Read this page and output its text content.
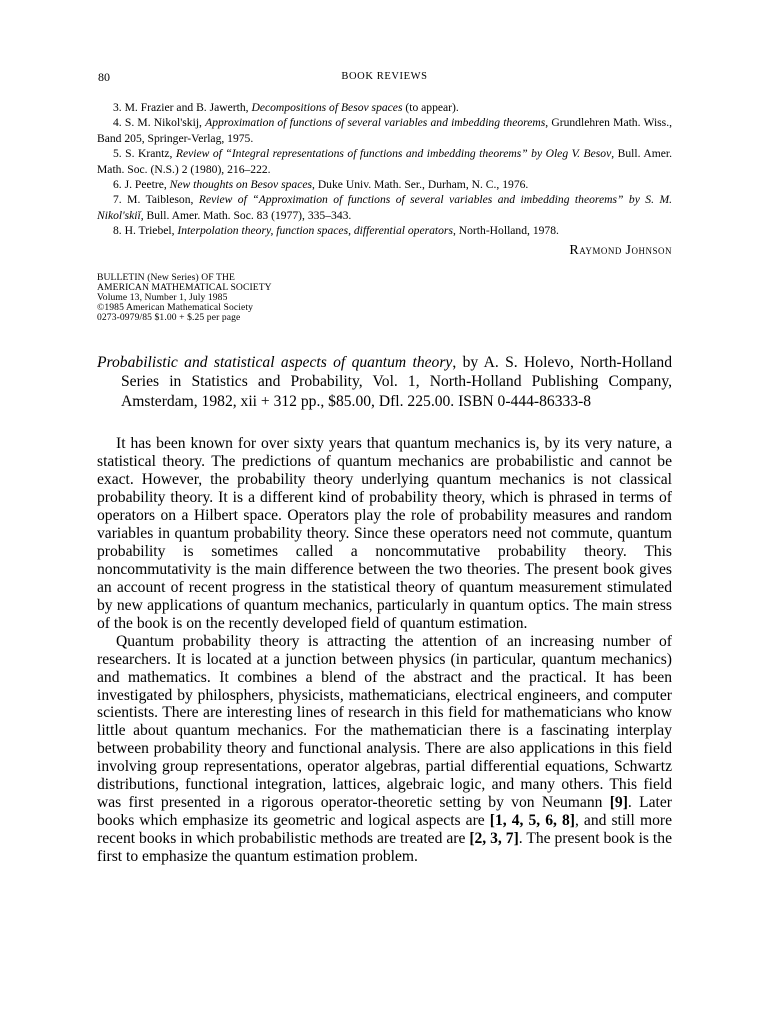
80	BOOK REVIEWS
3. M. Frazier and B. Jawerth, Decompositions of Besov spaces (to appear).
4. S. M. Nikol'skij, Approximation of functions of several variables and imbedding theorems, Grundlehren Math. Wiss., Band 205, Springer-Verlag, 1975.
5. S. Krantz, Review of “Integral representations of functions and imbedding theorems” by Oleg V. Besov, Bull. Amer. Math. Soc. (N.S.) 2 (1980), 216–222.
6. J. Peetre, New thoughts on Besov spaces, Duke Univ. Math. Ser., Durham, N. C., 1976.
7. M. Taibleson, Review of “Approximation of functions of several variables and imbedding theorems” by S. M. Nikol'skiĭ, Bull. Amer. Math. Soc. 83 (1977), 335–343.
8. H. Triebel, Interpolation theory, function spaces, differential operators, North-Holland, 1978.
Raymond Johnson
BULLETIN (New Series) OF THE
AMERICAN MATHEMATICAL SOCIETY
Volume 13, Number 1, July 1985
©1985 American Mathematical Society
0273-0979/85 $1.00 + $.25 per page
Probabilistic and statistical aspects of quantum theory, by A. S. Holevo, North-Holland Series in Statistics and Probability, Vol. 1, North-Holland Publishing Company, Amsterdam, 1982, xii + 312 pp., $85.00, Dfl. 225.00. ISBN 0-444-86333-8

It has been known for over sixty years that quantum mechanics is, by its very nature, a statistical theory. The predictions of quantum mechanics are probabilistic and cannot be exact. However, the probability theory underlying quantum mechanics is not classical probability theory. It is a different kind of probability theory, which is phrased in terms of operators on a Hilbert space. Operators play the role of probability measures and random variables in quantum probability theory. Since these operators need not commute, quantum probability is sometimes called a noncommutative probability theory. This noncommutativity is the main difference between the two theories. The present book gives an account of recent progress in the statistical theory of quantum measurement stimulated by new applications of quantum mechanics, particularly in quantum optics. The main stress of the book is on the recently developed field of quantum estimation.

Quantum probability theory is attracting the attention of an increasing number of researchers. It is located at a junction between physics (in particular, quantum mechanics) and mathematics. It combines a blend of the abstract and the practical. It has been investigated by philosphers, physicists, mathematicians, electrical engineers, and computer scientists. There are interesting lines of research in this field for mathematicians who know little about quantum mechanics. For the mathematician there is a fascinating interplay between probability theory and functional analysis. There are also applications in this field involving group representations, operator algebras, partial differential equations, Schwartz distributions, functional integration, lattices, algebraic logic, and many others. This field was first presented in a rigorous operator-theoretic setting by von Neumann [9]. Later books which emphasize its geometric and logical aspects are [1, 4, 5, 6, 8], and still more recent books in which probabilistic methods are treated are [2, 3, 7]. The present book is the first to emphasize the quantum estimation problem.
